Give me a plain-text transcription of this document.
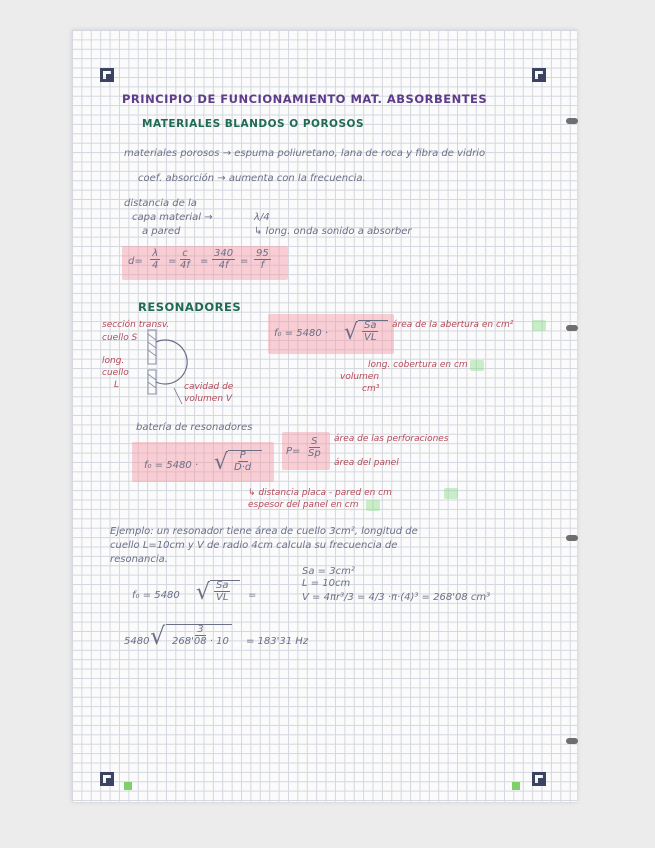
PRINCIPIO DE FUNCIONAMIENTO MAT. ABSORBENTES
MATERIALES BLANDOS O POROSOS
materiales porosos → espuma poliuretano, lana de roca y fibra de vidrio
coef. absorción → aumenta con la frecuencia.
distancia de la
capa material →
a pared
λ/4
↳ long. onda sonido a absorber
$d= \frac{\lambda}{4} = \frac{c}{4f} = \frac{340}{4f} = \frac{95}{f}$
RESONADORES
sección transv.
cuello S
long.
cuello
L	cavidad de
volumen V
f₀ = 5480 · √ $\frac{Sa}{VL}$ área de la abertura en cm²
long. cobertura en cm
volumen
cm³
batería de resonadores
f₀ = 5480 · √ $\frac{P}{D\cdot d}$	$P= \frac{S}{Sp}$ área de las perforaciones
área del panel
↳ distancia placa - pared en cm
espesor del panel en cm
Ejemplo: un resonador tiene área de cuello 3cm², longitud de
cuello L=10cm y V de radio 4cm calcula su frecuencia de
resonancia.
Sa = 3cm²
L = 10cm
V = 4πr³/3 = 4/3 ·π·(4)³ = 268'08 cm³
f₀ = 5480 √ $\frac{Sa}{VL}$ =
5480 √ $\frac{3}{268'08 \cdot 10} = 183'31$ Hz
